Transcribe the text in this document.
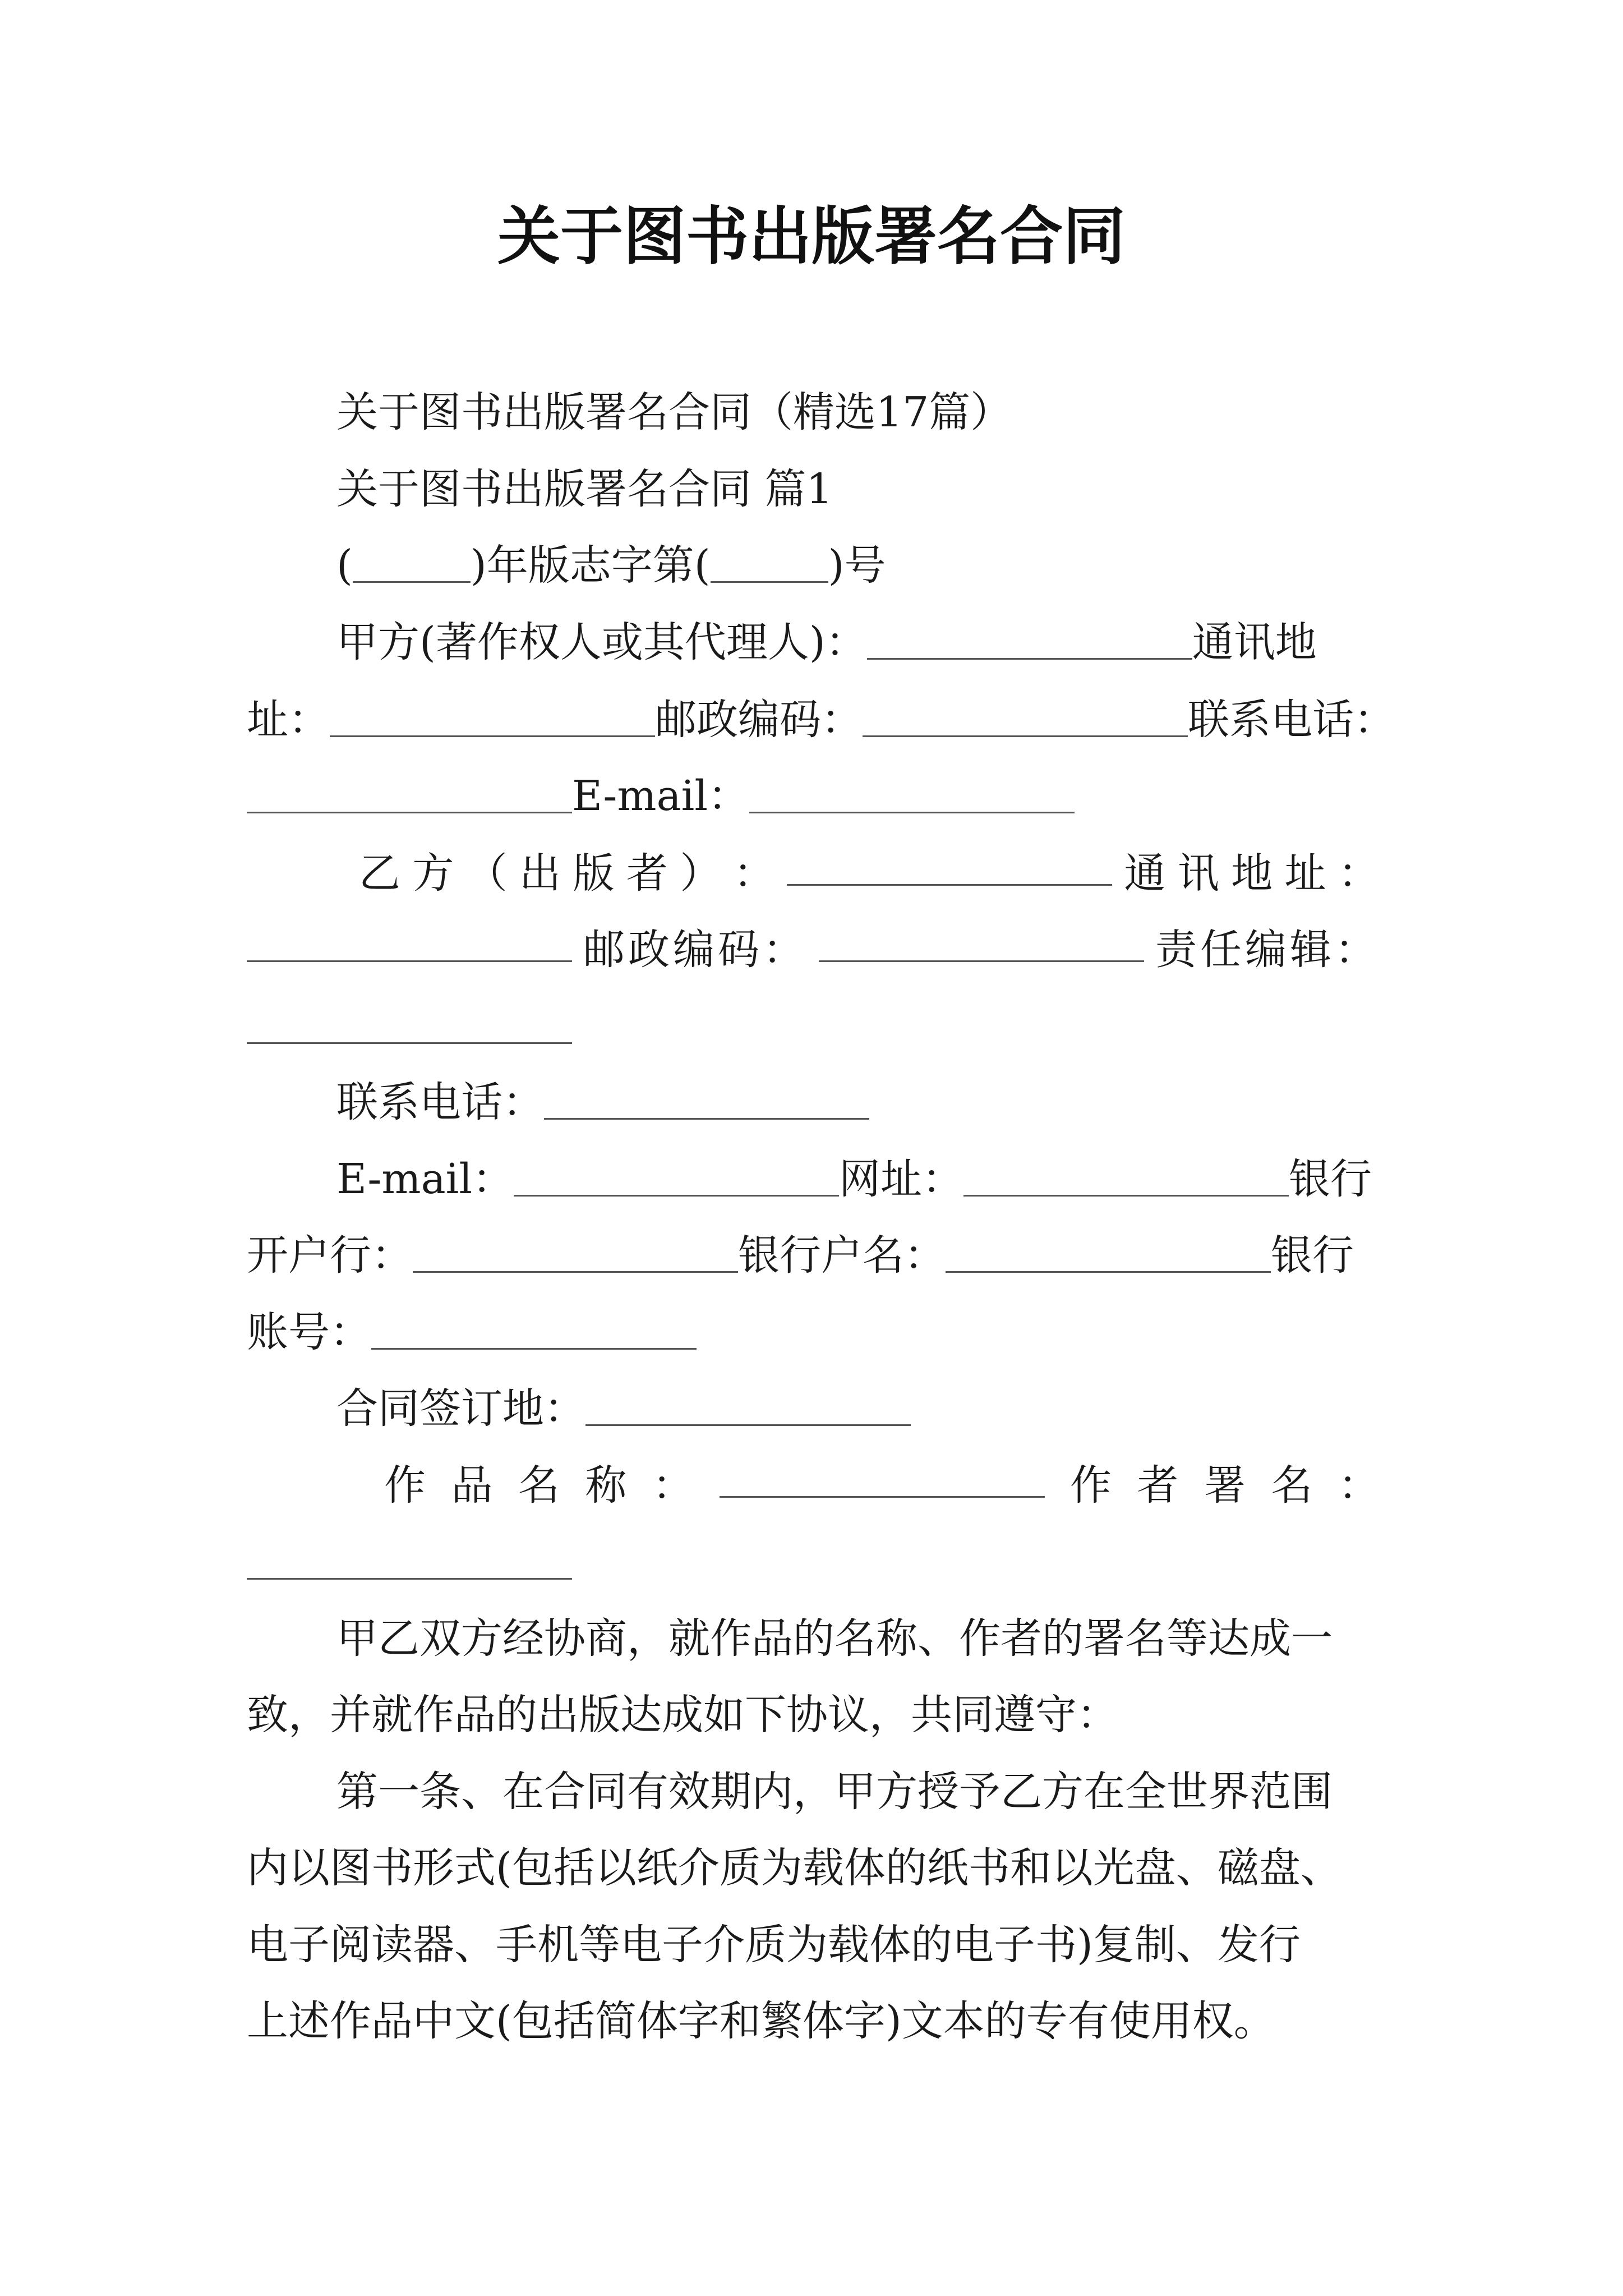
关于图书出版署名合同
关于图书出版署名合同（精选17篇）
关于图书出版署名合同 篇1
(	)年版志字第(	)号
甲方(著作权人或其代理人)：	通讯地
址：	邮政编码：	联系电话：
E-mail：
乙 方 （ 出 版 者 ） ：	通 讯 地 址 ：
邮政编码：	责任编辑：
联系电话：
E-mail：	网址：	银行
开户行：	银行户名：	银行
账号：
合同签订地：
作 品 名 称 ：	作 者 署 名 ：
甲乙双方经协商，就作品的名称、作者的署名等达成一
致，并就作品的出版达成如下协议，共同遵守：
第一条、在合同有效期内，甲方授予乙方在全世界范围
内以图书形式(包括以纸介质为载体的纸书和以光盘、磁盘、
电子阅读器、手机等电子介质为载体的电子书)复制、发行
上述作品中文(包括简体字和繁体字)文本的专有使用权。
